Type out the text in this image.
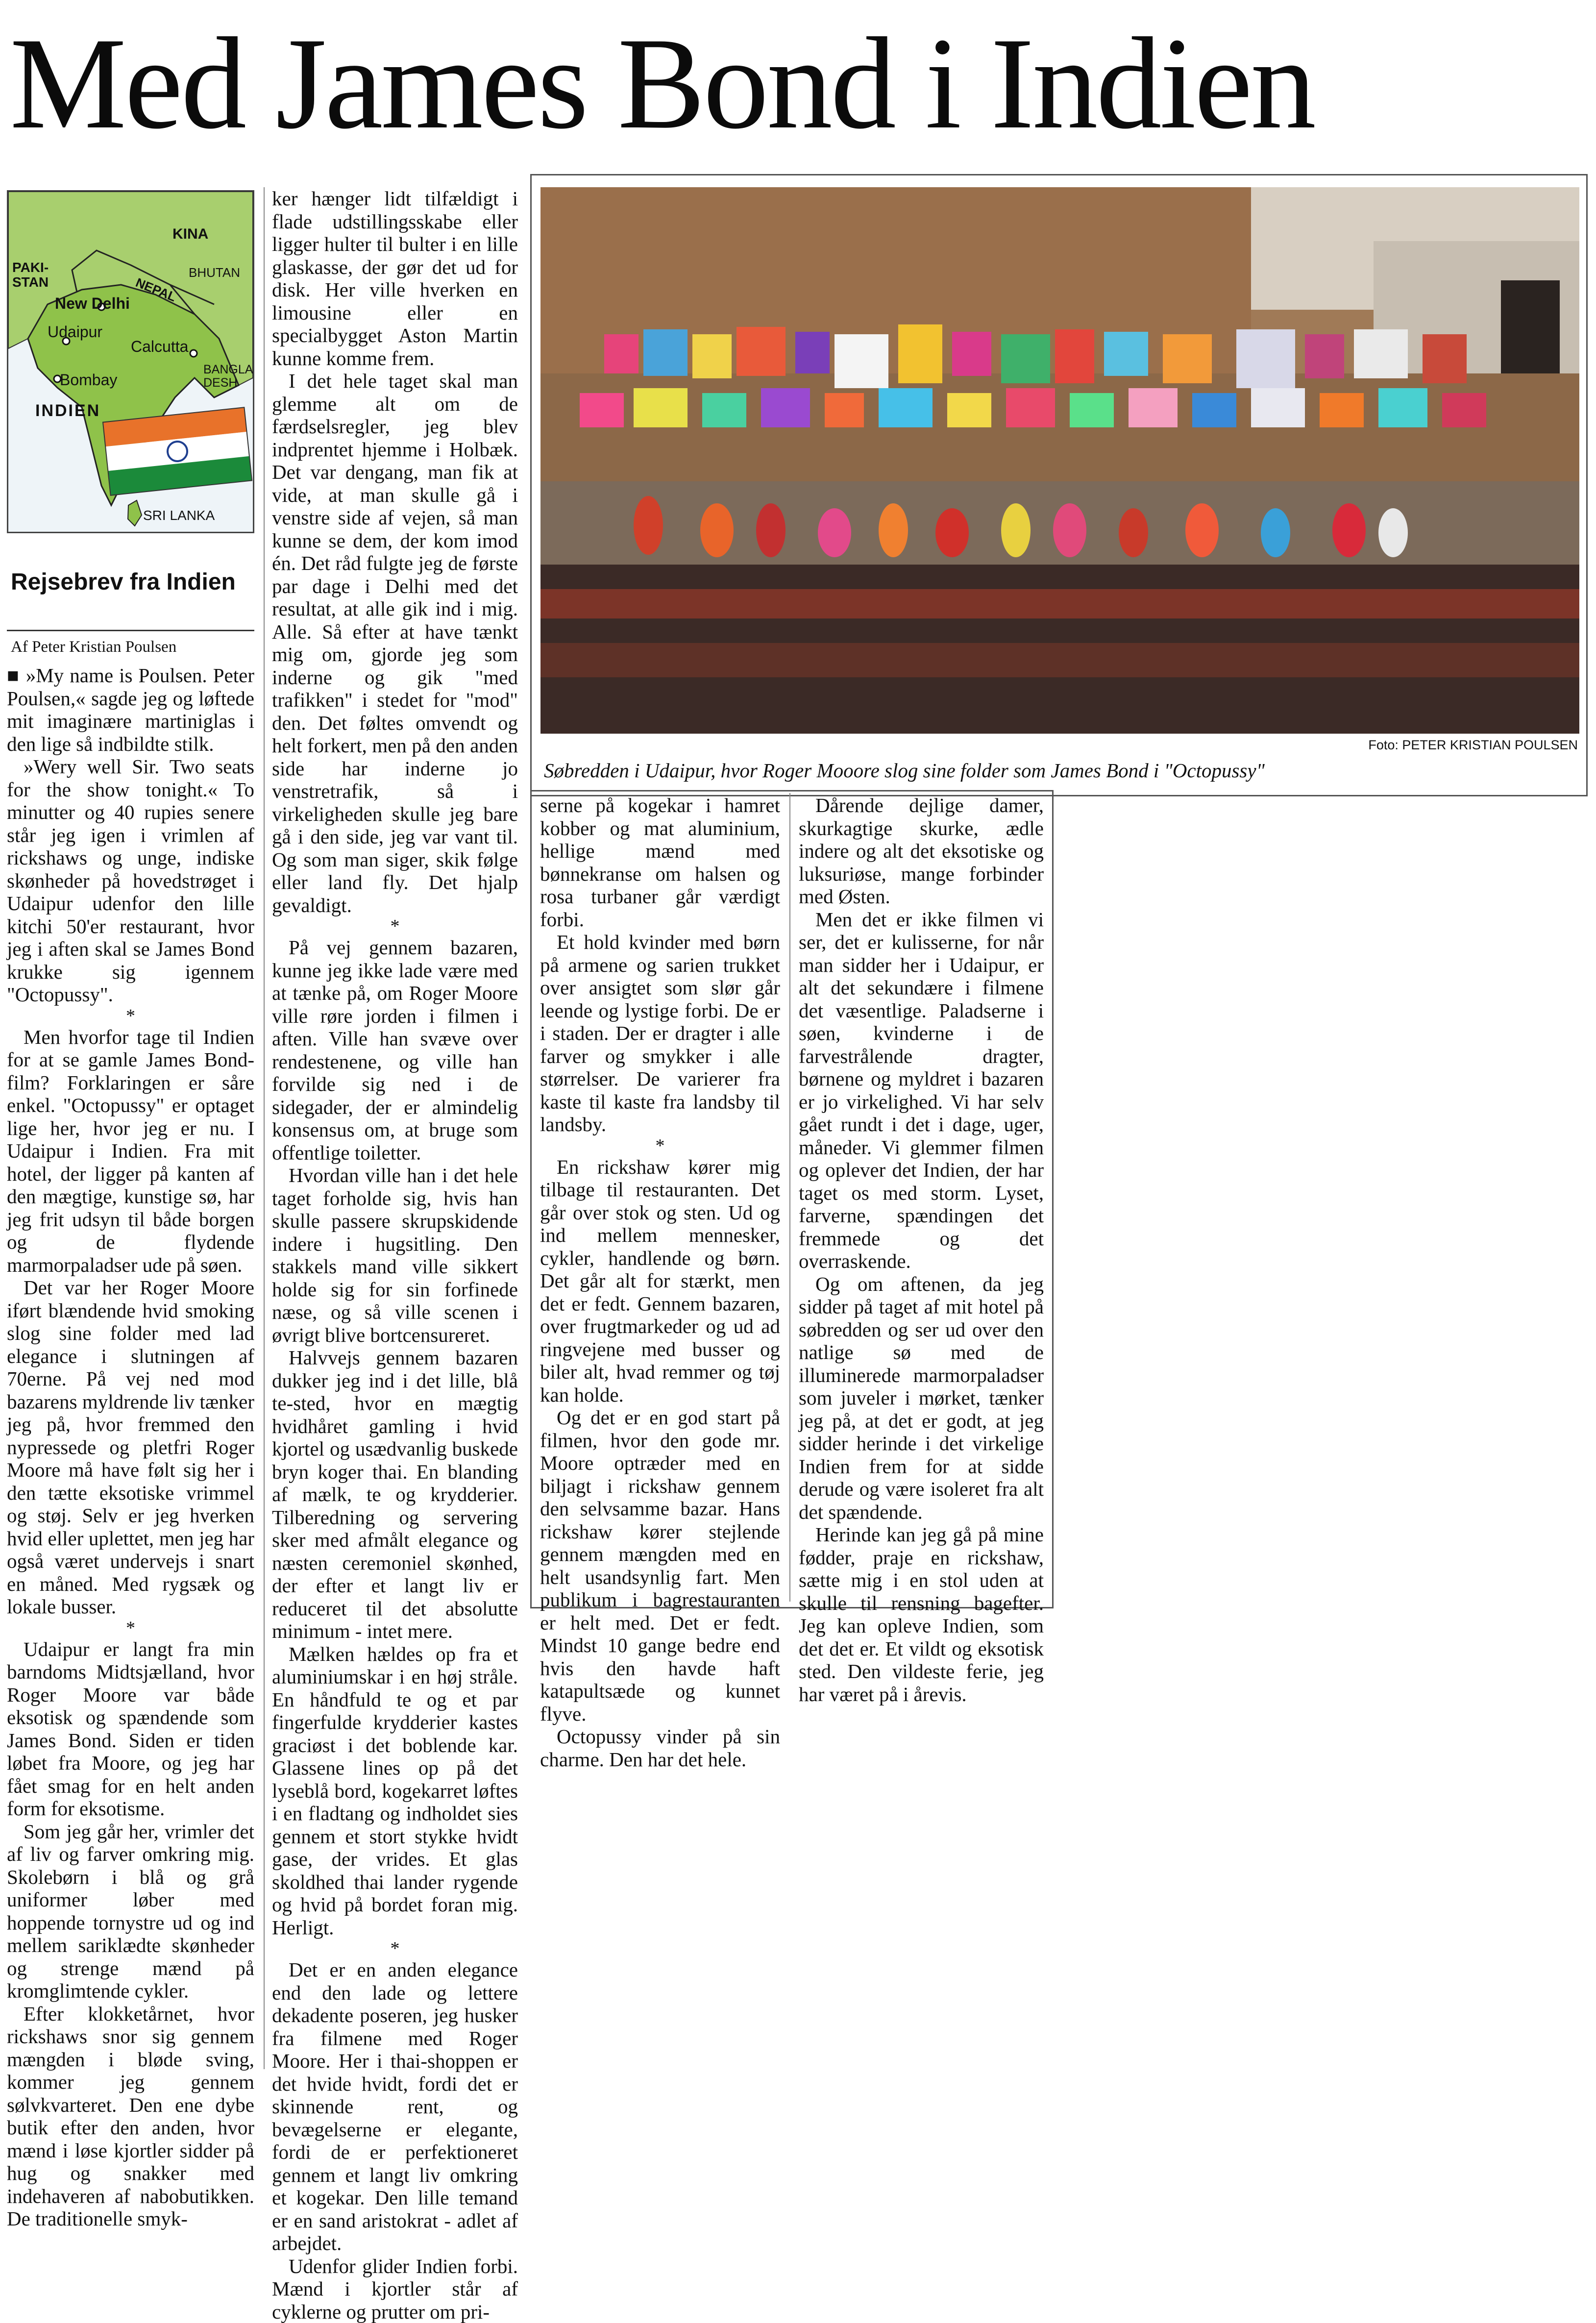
Med James Bond i Indien
KINA
PAKI-
STAN
BHUTAN
NEPAL
New Delhi
Udaipur
Calcutta
BANGLA
DESH
Bombay
INDIEN
SRI LANKA
Rejsebrev fra Indien
Af Peter Kristian Poulsen

■ »My name is Poulsen. Peter Poulsen,« sagde jeg og løftede mit imaginære martiniglas i den lige så indbildte stilk.

»Wery well Sir. Two seats for the show tonight.« To minutter og 40 rupies senere står jeg igen i vrimlen af rickshaws og unge, indiske skønheder på hovedstrøget i Udaipur udenfor den lille kitchi 50'er restaurant, hvor jeg i aften skal se James Bond krukke sig igennem "Octopussy".

*

Men hvorfor tage til Indien for at se gamle James Bond-film? Forklaringen er såre enkel. "Octopussy" er optaget lige her, hvor jeg er nu. I Udaipur i Indien. Fra mit hotel, der ligger på kanten af den mægtige, kunstige sø, har jeg frit udsyn til både borgen og de flydende marmorpaladser ude på søen.

Det var her Roger Moore iført blændende hvid smoking slog sine folder med lad elegance i slutningen af 70erne. På vej ned mod bazarens myldrende liv tænker jeg på, hvor fremmed den nypressede og pletfri Roger Moore må have følt sig her i den tætte eksotiske vrimmel og støj. Selv er jeg hverken hvid eller uplettet, men jeg har også været undervejs i snart en måned. Med rygsæk og lokale busser.

*

Udaipur er langt fra min barndoms Midtsjælland, hvor Roger Moore var både eksotisk og spændende som James Bond. Siden er tiden løbet fra Moore, og jeg har fået smag for en helt anden form for eksotisme.

Som jeg går her, vrimler det af liv og farver omkring mig. Skolebørn i blå og grå uniformer løber med hoppende tornystre ud og ind mellem sariklædte skønheder og strenge mænd på kromglimtende cykler.

Efter klokketårnet, hvor rickshaws snor sig gennem mængden i bløde sving, kommer jeg gennem sølvkvarteret. Den ene dybe butik efter den anden, hvor mænd i løse kjortler sidder på hug og snakker med indehaveren af nabobutikken. De traditionelle smyk-

ker hænger lidt tilfældigt i flade udstillingsskabe eller ligger hulter til bulter i en lille glaskasse, der gør det ud for disk. Her ville hverken en limousine eller en specialbygget Aston Martin kunne komme frem.

I det hele taget skal man glemme alt om de færdselsregler, jeg blev indprentet hjemme i Holbæk. Det var dengang, man fik at vide, at man skulle gå i venstre side af vejen, så man kunne se dem, der kom imod én. Det råd fulgte jeg de første par dage i Delhi med det resultat, at alle gik ind i mig. Alle. Så efter at have tænkt mig om, gjorde jeg som inderne og gik "med trafikken" i stedet for "mod" den. Det føltes omvendt og helt forkert, men på den anden side har inderne jo venstretrafik, så i virkeligheden skulle jeg bare gå i den side, jeg var vant til. Og som man siger, skik følge eller land fly. Det hjalp gevaldigt.

*

På vej gennem bazaren, kunne jeg ikke lade være med at tænke på, om Roger Moore ville røre jorden i filmen i aften. Ville han svæve over rendestenene, og ville han forvilde sig ned i de sidegader, der er almindelig konsensus om, at bruge som offentlige toiletter.

Hvordan ville han i det hele taget forholde sig, hvis han skulle passere skrupskidende indere i hugsitling. Den stakkels mand ville sikkert holde sig for sin forfinede næse, og så ville scenen i øvrigt blive bortcensureret.

Halvvejs gennem bazaren dukker jeg ind i det lille, blå te-sted, hvor en mægtig hvidhåret gamling i hvid kjortel og usædvanlig buskede bryn koger thai. En blanding af mælk, te og krydderier. Tilberedning og servering sker med afmålt elegance og næsten ceremoniel skønhed, der efter et langt liv er reduceret til det absolutte minimum - intet mere.

Mælken hældes op fra et aluminiumskar i en høj stråle. En håndfuld te og et par fingerfulde krydderier kastes graciøst i det boblende kar. Glassene lines op på det lyseblå bord, kogekarret løftes i en fladtang og indholdet sies gennem et stort stykke hvidt gase, der vrides. Et glas skoldhed thai lander rygende og hvid på bordet foran mig. Herligt.

*

Det er en anden elegance end den lade og lettere dekadente poseren, jeg husker fra filmene med Roger Moore. Her i thai-shoppen er det hvide hvidt, fordi det er skinnende rent, og bevægelserne er elegante, fordi de er perfektioneret gennem et langt liv omkring et kogekar. Den lille temand er en sand aristokrat - adlet af arbejdet.

Udenfor glider Indien forbi. Mænd i kjortler står af cyklerne og prutter om pri-

Foto: PETER KRISTIAN POULSEN
Søbredden i Udaipur, hvor Roger Mooore slog sine folder som James Bond i "Octopussy"

serne på kogekar i hamret kobber og mat aluminium, hellige mænd med bønnekranse om halsen og rosa turbaner går værdigt forbi.

Et hold kvinder med børn på armene og sarien trukket over ansigtet som slør går leende og lystige forbi. De er i staden. Der er dragter i alle farver og smykker i alle størrelser. De varierer fra kaste til kaste fra landsby til landsby.

*

En rickshaw kører mig tilbage til restauranten. Det går over stok og sten. Ud og ind mellem mennesker, cykler, handlende og børn. Det går alt for stærkt, men det er fedt. Gennem bazaren, over frugtmarkeder og ud ad ringvejene med busser og biler alt, hvad remmer og tøj kan holde.

Og det er en god start på filmen, hvor den gode mr. Moore optræder med en biljagt i rickshaw gennem den selvsamme bazar. Hans rickshaw kører stejlende gennem mængden med en helt usandsynlig fart. Men publikum i bagrestauranten er helt med. Det er fedt. Mindst 10 gange bedre end hvis den havde haft katapultsæde og kunnet flyve.

Octopussy vinder på sin charme. Den har det hele.

Dårende dejlige damer, skurkagtige skurke, ædle indere og alt det eksotiske og luksuriøse, mange forbinder med Østen.

Men det er ikke filmen vi ser, det er kulisserne, for når man sidder her i Udaipur, er alt det sekundære i filmene det væsentlige. Paladserne i søen, kvinderne i de farvestrålende dragter, børnene og myldret i bazaren er jo virkelighed. Vi har selv gået rundt i det i dage, uger, måneder. Vi glemmer filmen og oplever det Indien, der har taget os med storm. Lyset, farverne, spændingen det fremmede og det overraskende.

Og om aftenen, da jeg sidder på taget af mit hotel på søbredden og ser ud over den natlige sø med de illuminerede marmorpaladser som juveler i mørket, tænker jeg på, at det er godt, at jeg sidder herinde i det virkelige Indien frem for at sidde derude og være isoleret fra alt det spændende.

Herinde kan jeg gå på mine fødder, praje en rickshaw, sætte mig i en stol uden at skulle til rensning bagefter. Jeg kan opleve Indien, som det det er. Et vildt og eksotisk sted. Den vildeste ferie, jeg har været på i årevis.
